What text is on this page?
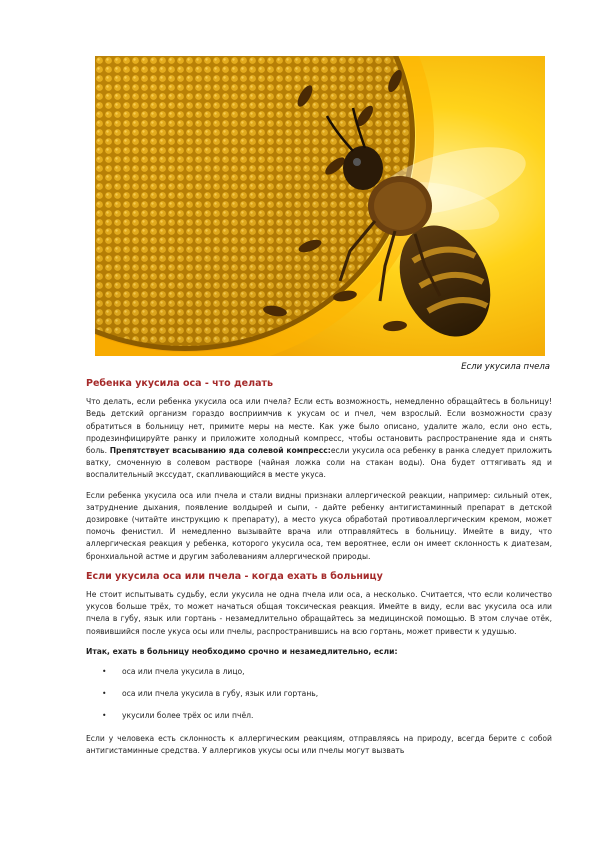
Если укусила пчела
Ребенка укусила оса - что делать

Что делать, если ребенка укусила оса или пчела? Если есть возможность, немедленно обращайтесь в больницу! Ведь детский организм гораздо восприимчив к укусам ос и пчел, чем взрослый. Если возможности сразу обратиться в больницу нет, примите меры на месте. Как уже было описано, удалите жало, если оно есть, продезинфицируйте ранку и приложите холодный компресс, чтобы остановить распространение яда и снять боль. Препятствует всасыванию яда солевой компресс:если укусила оса ребенку в ранка следует приложить ватку, смоченную в солевом растворе (чайная ложка соли на стакан воды). Она будет оттягивать яд и воспалительный экссудат, скапливающийся в месте укуса.

Если ребенка укусила оса или пчела и стали видны признаки аллергической реакции, например: сильный отек, затруднение дыхания, появление волдырей и сыпи, - дайте ребенку антигистаминный препарат в детской дозировке (читайте инструкцию к препарату), а место укуса обработай противоаллергическим кремом, может помочь фенистил. И немедленно вызывайте врача или отправляйтесь в больницу. Имейте в виду, что аллергическая реакция у ребенка, которого укусила оса, тем вероятнее, если он имеет склонность к диатезам, бронхиальной астме и другим заболеваниям аллергической природы.

Если укусила оса или пчела - когда ехать в больницу

Не стоит испытывать судьбу, если укусила не одна пчела или оса, а несколько. Считается, что если количество укусов больше трёх, то может начаться общая токсическая реакция. Имейте в виду, если вас укусила оса или пчела в губу, язык или гортань - незамедлительно обращайтесь за медицинской помощью. В этом случае отёк, появившийся после укуса осы или пчелы, распространившись на всю гортань, может привести к удушью.

Итак, ехать в больницу необходимо срочно и незамедлительно, если:

• оса или пчела укусила в лицо,
• оса или пчела укусила в губу, язык или гортань,
• укусили более трёх ос или пчёл.

Если у человека есть склонность к аллергическим реакциям, отправляясь на природу, всегда берите с собой антигистаминные средства. У аллергиков укусы осы или пчелы могут вызвать
